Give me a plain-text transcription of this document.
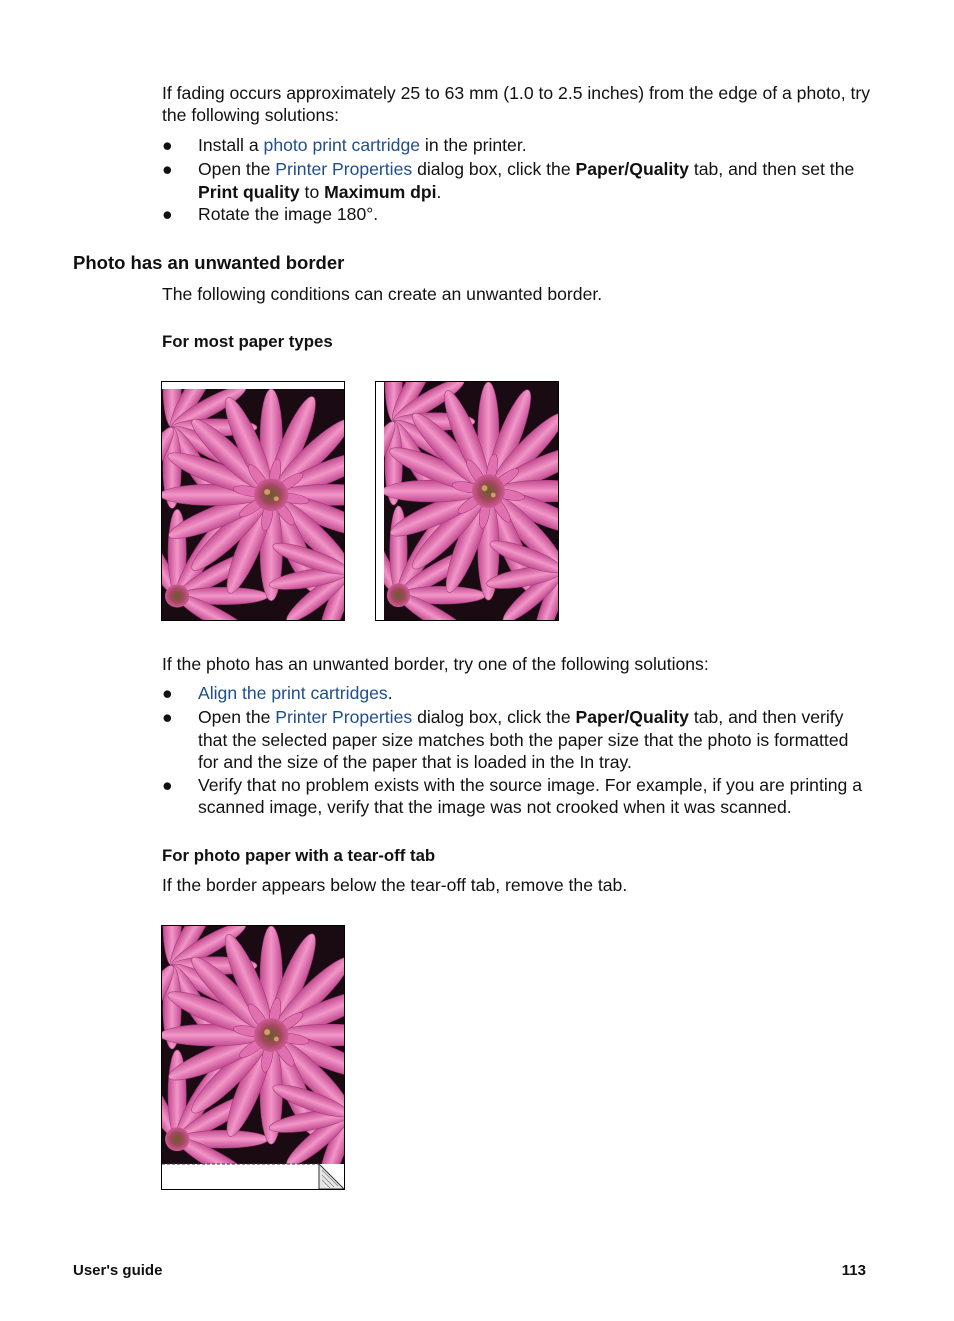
If fading occurs approximately 25 to 63 mm (1.0 to 2.5 inches) from the edge of a photo, try the following solutions:

● Install a photo print cartridge in the printer.
● Open the Printer Properties dialog box, click the Paper/Quality tab, and then set the Print quality to Maximum dpi.
● Rotate the image 180°.
Photo has an unwanted border

The following conditions can create an unwanted border.

For most paper types

If the photo has an unwanted border, try one of the following solutions:

● Align the print cartridges.
● Open the Printer Properties dialog box, click the Paper/Quality tab, and then verify that the selected paper size matches both the paper size that the photo is formatted for and the size of the paper that is loaded in the In tray.
● Verify that no problem exists with the source image. For example, if you are printing a scanned image, verify that the image was not crooked when it was scanned.
For photo paper with a tear-off tab

If the border appears below the tear-off tab, remove the tab.

User's guide	113
